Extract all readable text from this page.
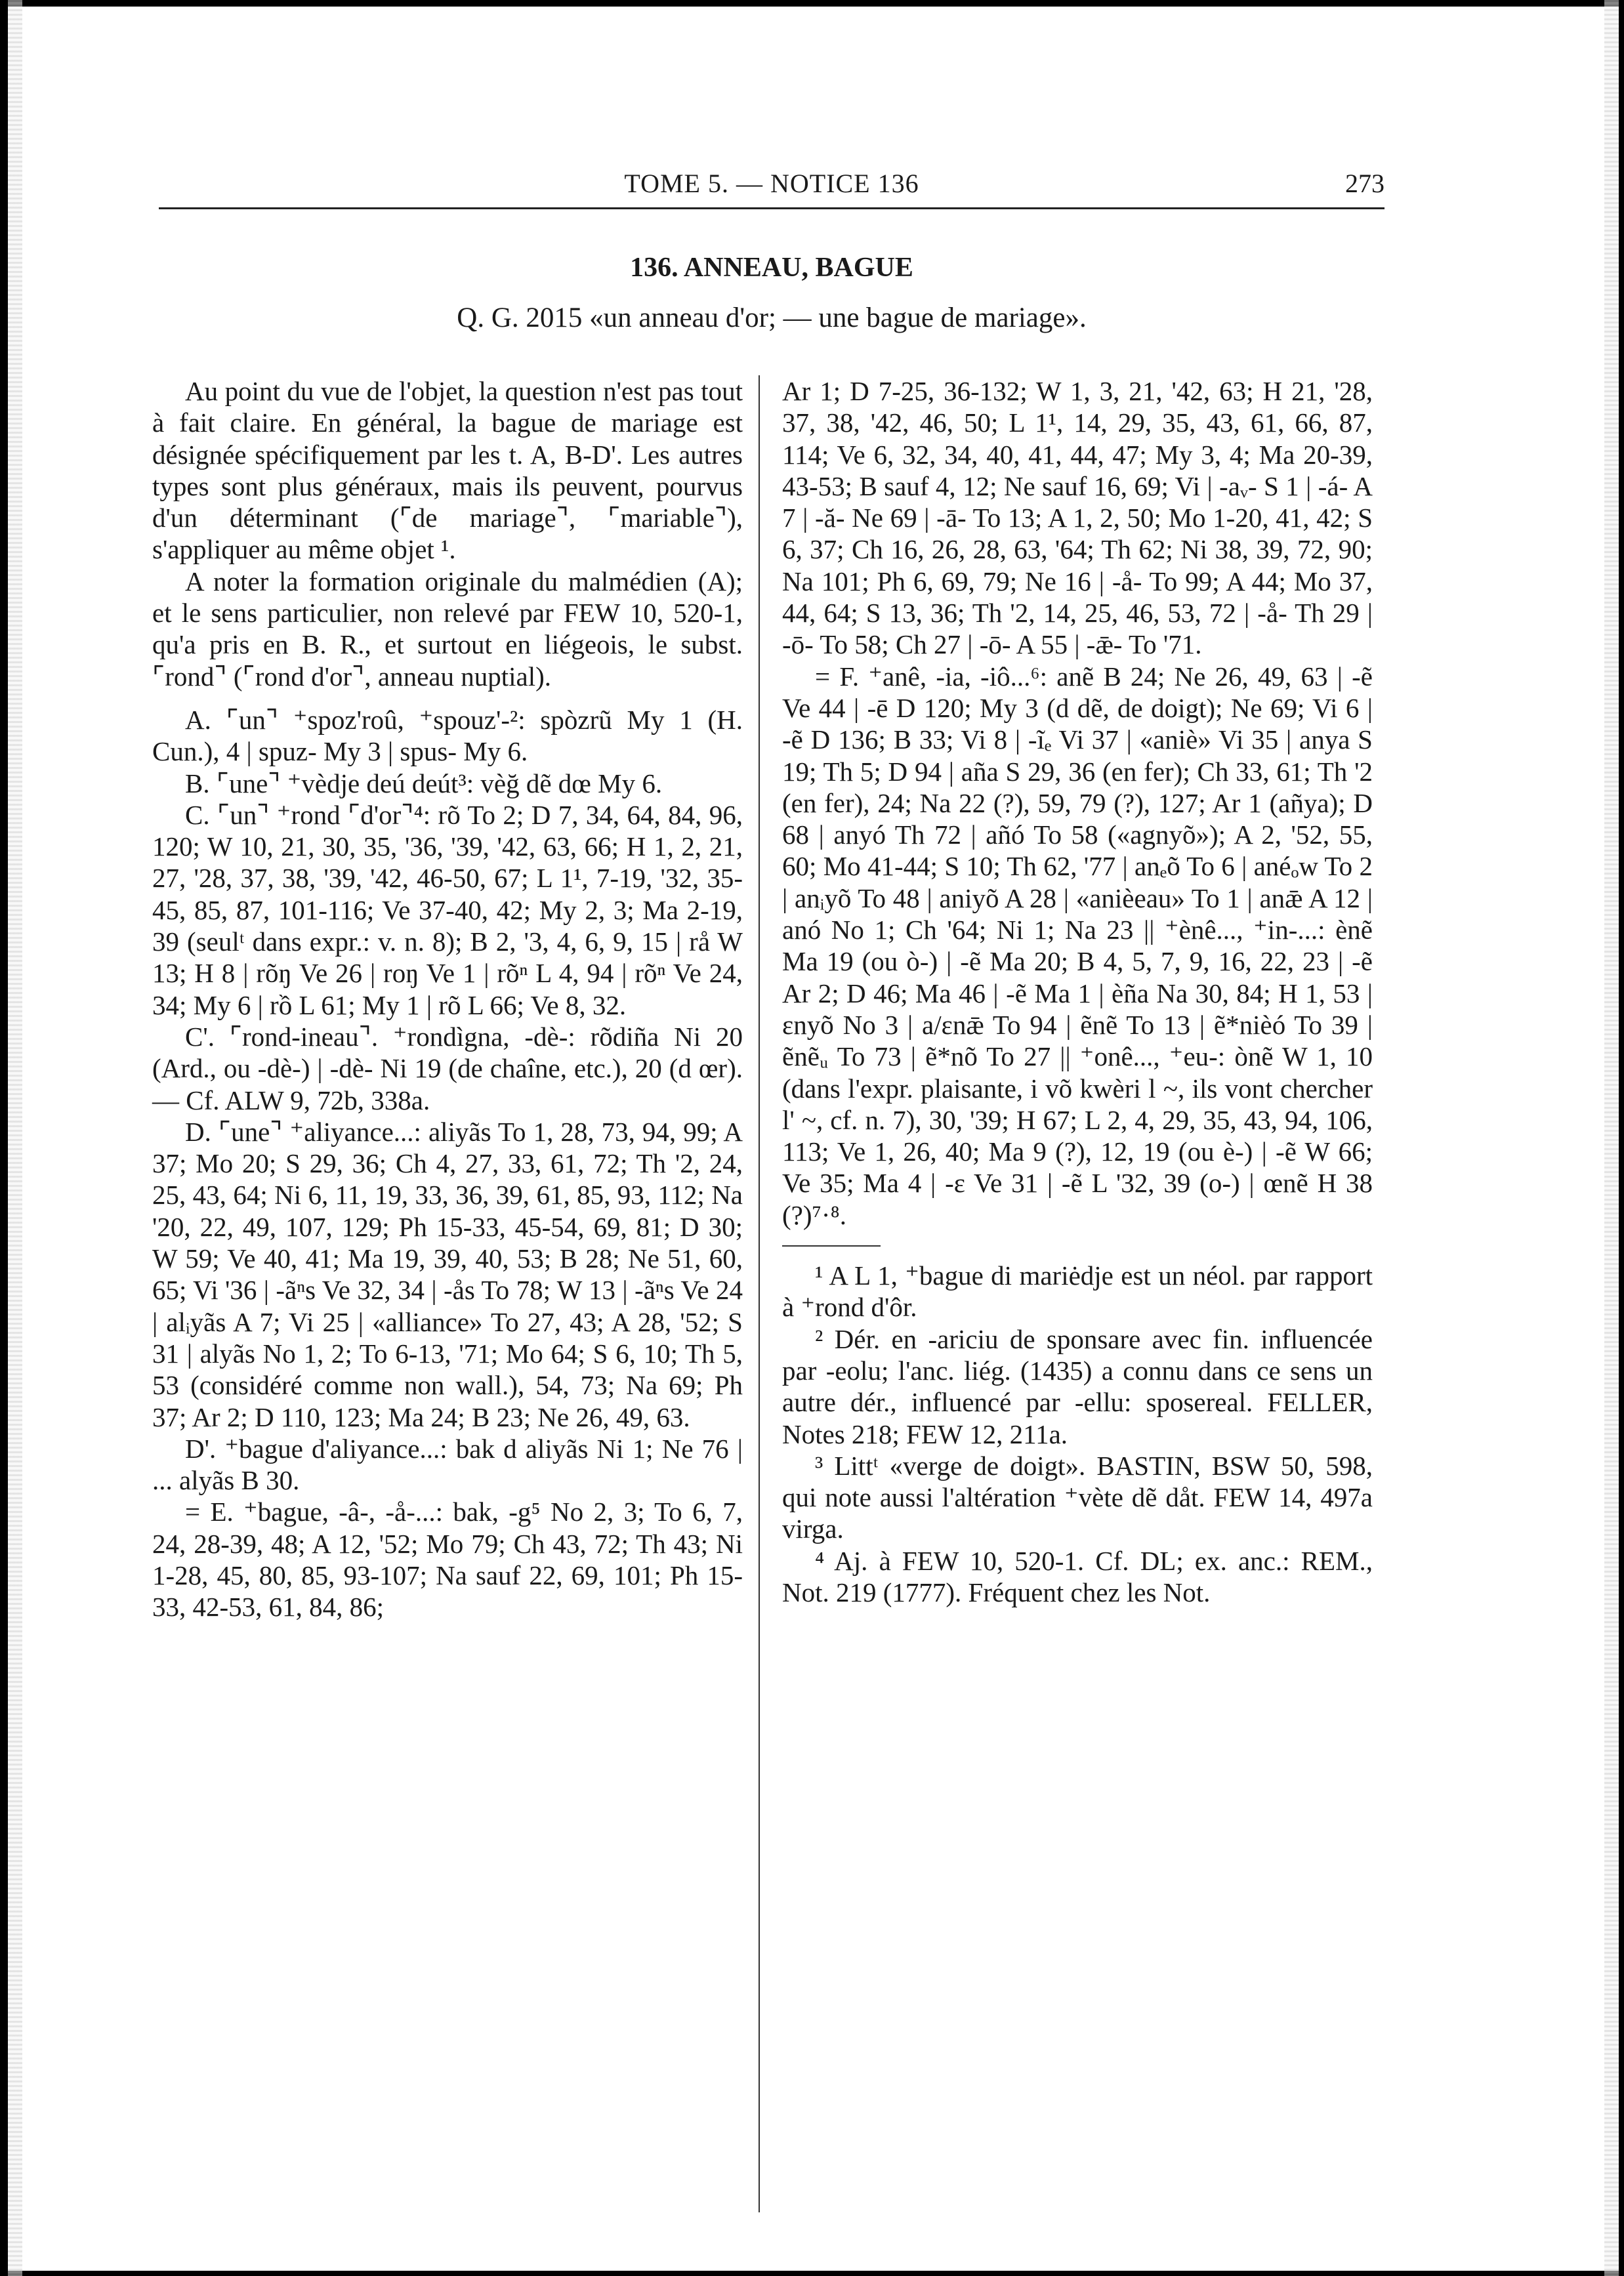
TOME 5. — NOTICE 136	273
136. ANNEAU, BAGUE
Q. G. 2015 «un anneau d'or; — une bague de mariage».

Au point du vue de l'objet, la question n'est pas tout à fait claire. En général, la bague de mariage est désignée spécifiquement par les t. A, B-D'. Les autres types sont plus généraux, mais ils peuvent, pourvus d'un déterminant (⌜de mariage⌝, ⌜mariable⌝), s'appliquer au même objet ¹.

A noter la formation originale du malmédien (A); et le sens particulier, non relevé par FEW 10, 520-1, qu'a pris en B. R., et surtout en liégeois, le subst. ⌜rond⌝ (⌜rond d'or⌝, anneau nuptial).

A. ⌜un⌝ ⁺spoz'roû, ⁺spouz'-²: spòzrũ My 1 (H. Cun.), 4 | spuz- My 3 | spus- My 6.

B. ⌜une⌝ ⁺vèdje deú deút³: vèğ dẽ dœ My 6.

C. ⌜un⌝ ⁺rond ⌜d'or⌝⁴: rõ To 2; D 7, 34, 64, 84, 96, 120; W 10, 21, 30, 35, '36, '39, '42, 63, 66; H 1, 2, 21, 27, '28, 37, 38, '39, '42, 46-50, 67; L 1¹, 7-19, '32, 35-45, 85, 87, 101-116; Ve 37-40, 42; My 2, 3; Ma 2-19, 39 (seulᵗ dans expr.: v. n. 8); B 2, '3, 4, 6, 9, 15 | rå W 13; H 8 | rõŋ Ve 26 | roŋ Ve 1 | rõⁿ L 4, 94 | rõⁿ Ve 24, 34; My 6 | rồ L 61; My 1 | rõ L 66; Ve 8, 32.

C'. ⌜rond-ineau⌝. ⁺rondìgna, -dè-: rõdiña Ni 20 (Ard., ou -dè-) | -dè- Ni 19 (de chaîne, etc.), 20 (d œr). — Cf. ALW 9, 72b, 338a.

D. ⌜une⌝ ⁺aliyance...: aliyãs To 1, 28, 73, 94, 99; A 37; Mo 20; S 29, 36; Ch 4, 27, 33, 61, 72; Th '2, 24, 25, 43, 64; Ni 6, 11, 19, 33, 36, 39, 61, 85, 93, 112; Na '20, 22, 49, 107, 129; Ph 15-33, 45-54, 69, 81; D 30; W 59; Ve 40, 41; Ma 19, 39, 40, 53; B 28; Ne 51, 60, 65; Vi '36 | -ãⁿs Ve 32, 34 | -ås To 78; W 13 | -ãⁿs Ve 24 | alᵢyãs A 7; Vi 25 | «alliance» To 27, 43; A 28, '52; S 31 | alyãs No 1, 2; To 6-13, '71; Mo 64; S 6, 10; Th 5, 53 (considéré comme non wall.), 54, 73; Na 69; Ph 37; Ar 2; D 110, 123; Ma 24; B 23; Ne 26, 49, 63.

D'. ⁺bague d'aliyance...: bak d aliyãs Ni 1; Ne 76 | ... alyãs B 30.

= E. ⁺bague, -â-, -å-...: bak, -g⁵ No 2, 3; To 6, 7, 24, 28-39, 48; A 12, '52; Mo 79; Ch 43, 72; Th 43; Ni 1-28, 45, 80, 85, 93-107; Na sauf 22, 69, 101; Ph 15-33, 42-53, 61, 84, 86;

Ar 1; D 7-25, 36-132; W 1, 3, 21, '42, 63; H 21, '28, 37, 38, '42, 46, 50; L 1¹, 14, 29, 35, 43, 61, 66, 87, 114; Ve 6, 32, 34, 40, 41, 44, 47; My 3, 4; Ma 20-39, 43-53; B sauf 4, 12; Ne sauf 16, 69; Vi | -aᵥ- S 1 | -á- A 7 | -ă- Ne 69 | -ā- To 13; A 1, 2, 50; Mo 1-20, 41, 42; S 6, 37; Ch 16, 26, 28, 63, '64; Th 62; Ni 38, 39, 72, 90; Na 101; Ph 6, 69, 79; Ne 16 | -å- To 99; A 44; Mo 37, 44, 64; S 13, 36; Th '2, 14, 25, 46, 53, 72 | -å- Th 29 | -ō- To 58; Ch 27 | -ō- A 55 | -ǣ- To '71.

= F. ⁺anê, -ia, -iô...⁶: anẽ B 24; Ne 26, 49, 63 | -ẽ Ve 44 | -ē D 120; My 3 (d dẽ, de doigt); Ne 69; Vi 6 | -ẽ D 136; B 33; Vi 8 | -ĩₑ Vi 37 | «aniè» Vi 35 | anya S 19; Th 5; D 94 | aña S 29, 36 (en fer); Ch 33, 61; Th '2 (en fer), 24; Na 22 (?), 59, 79 (?), 127; Ar 1 (añya); D 68 | anyó Th 72 | añó To 58 («agnyõ»); A 2, '52, 55, 60; Mo 41-44; S 10; Th 62, '77 | anₑõ To 6 | anéₒw To 2 | anᵢyõ To 48 | aniyõ A 28 | «anièeau» To 1 | anǣ A 12 | anó No 1; Ch '64; Ni 1; Na 23 || ⁺ènê..., ⁺in-...: ènẽ Ma 19 (ou ò-) | -ẽ Ma 20; B 4, 5, 7, 9, 16, 22, 23 | -ẽ Ar 2; D 46; Ma 46 | -ẽ Ma 1 | èña Na 30, 84; H 1, 53 | ɛnyõ No 3 | a/ɛnǣ To 94 | ẽnẽ To 13 | ẽ*nièó To 39 | ẽnẽᵤ To 73 | ẽ*nõ To 27 || ⁺onê..., ⁺eu-: ònẽ W 1, 10 (dans l'expr. plaisante, i võ kwèri l ~, ils vont chercher l' ~, cf. n. 7), 30, '39; H 67; L 2, 4, 29, 35, 43, 94, 106, 113; Ve 1, 26, 40; Ma 9 (?), 12, 19 (ou è-) | -ẽ W 66; Ve 35; Ma 4 | -ɛ Ve 31 | -ẽ L '32, 39 (o-) | œnẽ H 38 (?)⁷·⁸.

¹ A L 1, ⁺bague di mariėdje est un néol. par rapport à ⁺rond d'ôr.

² Dér. en -ariciu de sponsare avec fin. influencée par -eolu; l'anc. liég. (1435) a connu dans ce sens un autre dér., influencé par -ellu: sposereal. FELLER, Notes 218; FEW 12, 211a.

³ Littᵗ «verge de doigt». BASTIN, BSW 50, 598, qui note aussi l'altération ⁺vète dẽ dåt. FEW 14, 497a virga.

⁴ Aj. à FEW 10, 520-1. Cf. DL; ex. anc.: REM., Not. 219 (1777). Fréquent chez les Not.
